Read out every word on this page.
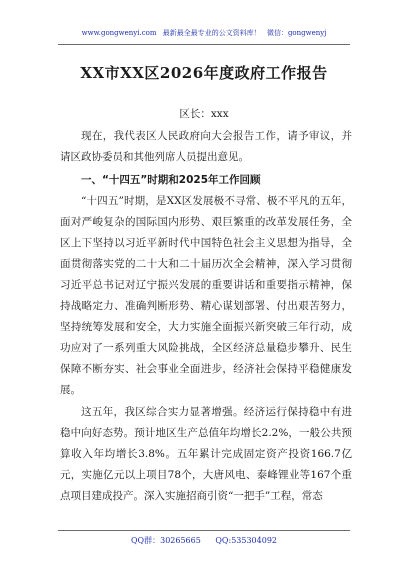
www.gongwenyi.com 最新最全最专业的公文资料库！ 微信：gongwenyj
XX市XX区2026年度政府工作报告
区长：xxx
现在，我代表区人民政府向大会报告工作，请予审议，并请区政协委员和其他列席人员提出意见。
一、“十四五”时期和2025年工作回顾
“十四五”时期，是XX区发展极不寻常、极不平凡的五年，面对严峻复杂的国际国内形势、艰巨繁重的改革发展任务，全区上下坚持以习近平新时代中国特色社会主义思想为指导，全面贯彻落实党的二十大和二十届历次全会精神，深入学习贯彻习近平总书记对辽宁振兴发展的重要讲话和重要指示精神，保持战略定力、准确判断形势、精心谋划部署、付出艰苦努力，坚持统筹发展和安全，大力实施全面振兴新突破三年行动，成功应对了一系列重大风险挑战，全区经济总量稳步攀升、民生保障不断夯实、社会事业全面进步，经济社会保持平稳健康发展。
这五年，我区综合实力显著增强。经济运行保持稳中有进稳中向好态势。预计地区生产总值年均增长2.2%，一般公共预算收入年均增长3.8%。五年累计完成固定资产投资166.7亿元，实施亿元以上项目78个，大唐风电、泰峰锂业等167个重点项目建成投产。深入实施招商引资“一把手”工程，常态
QQ群：30265665 QQ:535304092
